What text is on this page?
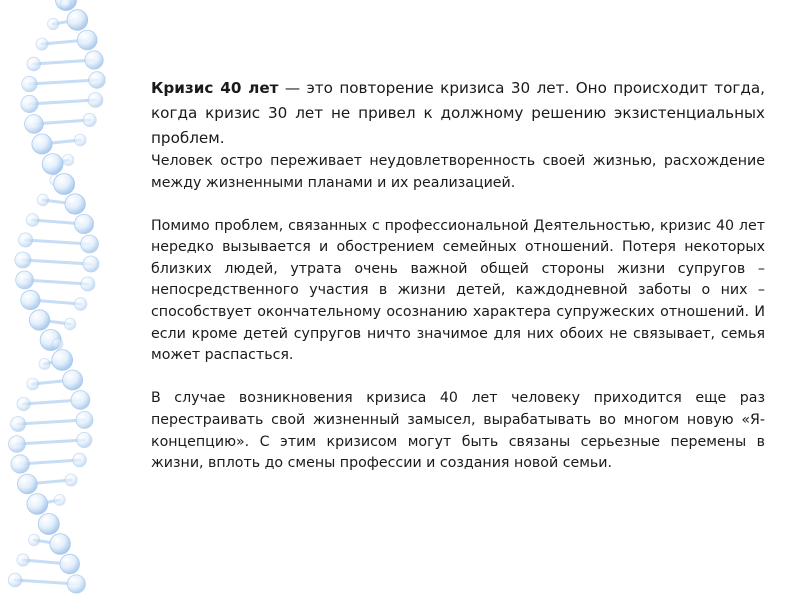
Кризис 40 лет — это повторение кризиса 30 лет. Оно происходит тогда, когда кризис 30 лет не привел к должному решению экзистенциальных проблем.

Человек остро переживает неудовлетворенность своей жизнью, расхождение между жизненными планами и их реализацией.

Помимо проблем, связанных с профессиональной Деятельностью, кризис 40 лет нередко вызывается и обострением семейных отношений. Потеря некоторых близких людей, утрата очень важной общей стороны жизни супругов – непосредственного участия в жизни детей, каждодневной заботы о них – способствует окончательному осознанию характера супружеских отношений. И если кроме детей супругов ничто значимое для них обоих не связывает, семья может распасться.

В случае возникновения кризиса 40 лет человеку приходится еще раз перестраивать свой жизненный замысел, вырабатывать во многом новую «Я-концепцию». С этим кризисом могут быть связаны серьезные перемены в жизни, вплоть до смены профессии и создания новой семьи.
